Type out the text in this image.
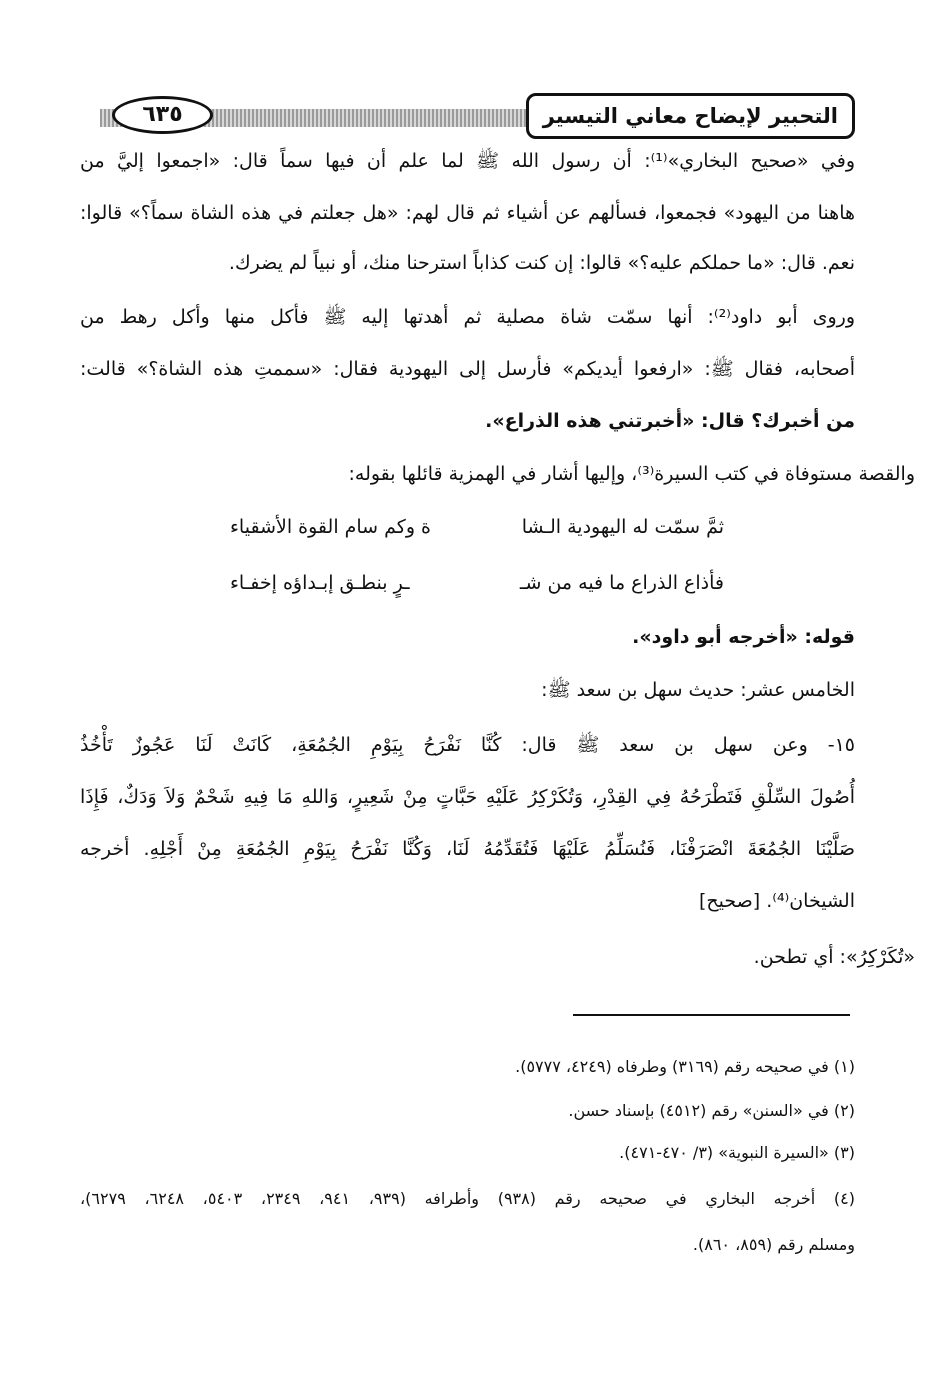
التحبير لإيضاح معاني التيسير
٦٣٥
وفي «صحيح البخاري»⁽¹⁾: أن رسول الله ﷺ لما علم أن فيها سماً قال: «اجمعوا إليَّ من
هاهنا من اليهود» فجمعوا، فسألهم عن أشياء ثم قال لهم: «هل جعلتم في هذه الشاة سماً؟» قالوا:
نعم. قال: «ما حملكم عليه؟» قالوا: إن كنت كذاباً استرحنا منك، أو نبياً لم يضرك.
وروى أبو داود⁽²⁾: أنها سمّت شاة مصلية ثم أهدتها إليه ﷺ فأكل منها وأكل رهط من
أصحابه، فقال ﷺ: «ارفعوا أيديكم» فأرسل إلى اليهودية فقال: «سممتِ هذه الشاة؟» قالت:
من أخبرك؟ قال: «أخبرتني هذه الذراع».
والقصة مستوفاة في كتب السيرة⁽³⁾، وإليها أشار في الهمزية قائلها بقوله:
قوله: «أخرجه أبو داود».
الخامس عشر: حديث سهل بن سعد ﷺ:
١٥- وعن سهل بن سعد ﷺ قال: كُنَّا نَفْرَحُ بِيَوْمِ الجُمُعَةِ، كَانَتْ لَنَا عَجُوزٌ تَأْخُذُ
أُصُولَ السِّلْقِ فَتَطْرَحُهُ فِي القِدْرِ، وَتُكَرْكِرُ عَلَيْهِ حَبَّاتٍ مِنْ شَعِيرٍ، وَاللهِ مَا فِيهِ شَحْمٌ وَلاَ وَدَكٌ، فَإِذَا
صَلَّيْنَا الجُمُعَةَ انْصَرَفْنَا، فَنُسَلِّمُ عَلَيْهَا فَتُقَدِّمُهُ لَنَا، وَكُنَّا نَفْرَحُ بِيَوْمِ الجُمُعَةِ مِنْ أَجْلِهِ. أخرجه
الشيخان⁽⁴⁾. [صحيح]
«تُكَرْكِرُ»: أي تطحن.
ثمَّ سمّت له اليهودية الـشا
ة وكم سام القوة الأشقياء
فأذاع الذراع ما فيه من شـ
ـرٍ بنطـق إبـداؤه إخفـاء
(١) في صحيحه رقم (٣١٦٩) وطرفاه (٤٢٤٩، ٥٧٧٧).
(٢) في «السنن» رقم (٤٥١٢) بإسناد حسن.
(٣) «السيرة النبوية» (٣/ ٤٧٠-٤٧١).
(٤) أخرجه البخاري في صحيحه رقم (٩٣٨) وأطرافه (٩٣٩، ٩٤١، ٢٣٤٩، ٥٤٠٣، ٦٢٤٨، ٦٢٧٩)،
ومسلم رقم (٨٥٩، ٨٦٠).
